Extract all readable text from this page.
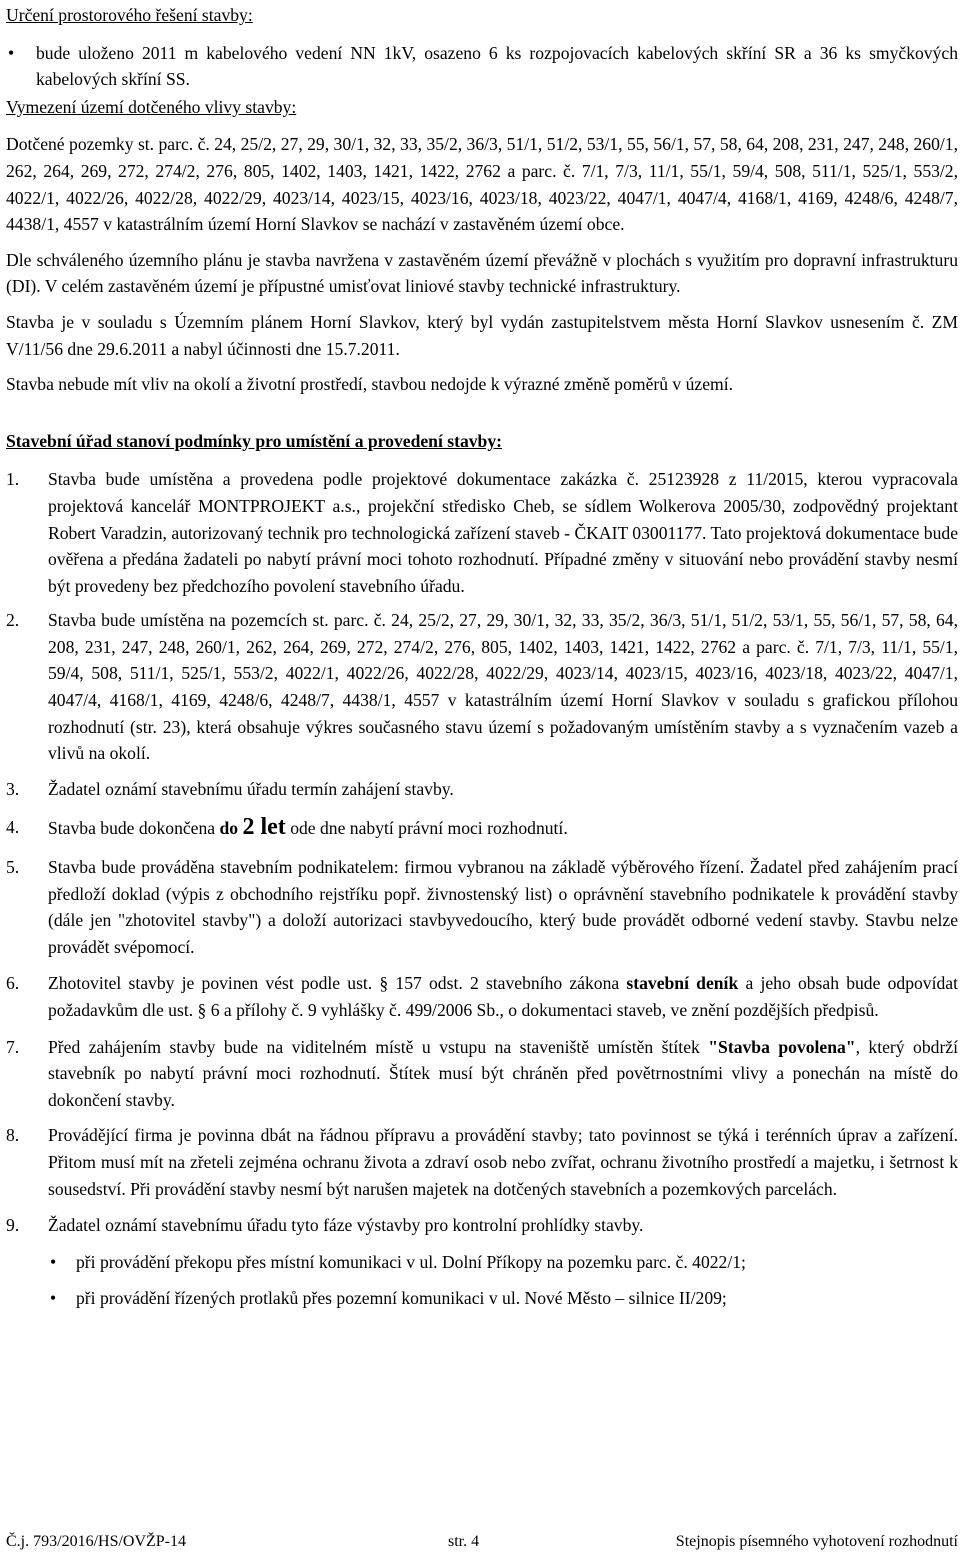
Určení prostorového řešení stavby:

• bude uloženo 2011 m kabelového vedení NN 1kV, osazeno 6 ks rozpojovacích kabelových skříní SR a 36 ks smyčkových kabelových skříní SS.

Vymezení území dotčeného vlivy stavby:

Dotčené pozemky st. parc. č. 24, 25/2, 27, 29, 30/1, 32, 33, 35/2, 36/3, 51/1, 51/2, 53/1, 55, 56/1, 57, 58, 64, 208, 231, 247, 248, 260/1, 262, 264, 269, 272, 274/2, 276, 805, 1402, 1403, 1421, 1422, 2762 a parc. č. 7/1, 7/3, 11/1, 55/1, 59/4, 508, 511/1, 525/1, 553/2, 4022/1, 4022/26, 4022/28, 4022/29, 4023/14, 4023/15, 4023/16, 4023/18, 4023/22, 4047/1, 4047/4, 4168/1, 4169, 4248/6, 4248/7, 4438/1, 4557 v katastrálním území Horní Slavkov se nachází v zastavěném území obce.

Dle schváleného územního plánu je stavba navržena v zastavěném území převážně v plochách s využitím pro dopravní infrastrukturu (DI). V celém zastavěném území je přípustné umisťovat liniové stavby technické infrastruktury.

Stavba je v souladu s Územním plánem Horní Slavkov, který byl vydán zastupitelstvem města Horní Slavkov usnesením č. ZM V/11/56 dne 29.6.2011 a nabyl účinnosti dne 15.7.2011.

Stavba nebude mít vliv na okolí a životní prostředí, stavbou nedojde k výrazné změně poměrů v území.

Stavební úřad stanoví podmínky pro umístění a provedení stavby:

1. Stavba bude umístěna a provedena podle projektové dokumentace zakázka č. 25123928 z 11/2015, kterou vypracovala projektová kancelář MONTPROJEKT a.s., projekční středisko Cheb, se sídlem Wolkerova 2005/30, zodpovědný projektant Robert Varadzin, autorizovaný technik pro technologická zařízení staveb - ČKAIT 03001177. Tato projektová dokumentace bude ověřena a předána žadateli po nabytí právní moci tohoto rozhodnutí. Případné změny v situování nebo provádění stavby nesmí být provedeny bez předchozího povolení stavebního úřadu.

2. Stavba bude umístěna na pozemcích st. parc. č. 24, 25/2, 27, 29, 30/1, 32, 33, 35/2, 36/3, 51/1, 51/2, 53/1, 55, 56/1, 57, 58, 64, 208, 231, 247, 248, 260/1, 262, 264, 269, 272, 274/2, 276, 805, 1402, 1403, 1421, 1422, 2762 a parc. č. 7/1, 7/3, 11/1, 55/1, 59/4, 508, 511/1, 525/1, 553/2, 4022/1, 4022/26, 4022/28, 4022/29, 4023/14, 4023/15, 4023/16, 4023/18, 4023/22, 4047/1, 4047/4, 4168/1, 4169, 4248/6, 4248/7, 4438/1, 4557 v katastrálním území Horní Slavkov v souladu s grafickou přílohou rozhodnutí (str. 23), která obsahuje výkres současného stavu území s požadovaným umístěním stavby a s vyznačením vazeb a vlivů na okolí.

3. Žadatel oznámí stavebnímu úřadu termín zahájení stavby.

4. Stavba bude dokončena do 2 let ode dne nabytí právní moci rozhodnutí.

5. Stavba bude prováděna stavebním podnikatelem: firmou vybranou na základě výběrového řízení. Žadatel před zahájením prací předloží doklad (výpis z obchodního rejstříku popř. živnostenský list) o oprávnění stavebního podnikatele k provádění stavby (dále jen "zhotovitel stavby") a doloží autorizaci stavbyvedoucího, který bude provádět odborné vedení stavby. Stavbu nelze provádět svépomocí.

6. Zhotovitel stavby je povinen vést podle ust. § 157 odst. 2 stavebního zákona stavební deník a jeho obsah bude odpovídat požadavkům dle ust. § 6 a přílohy č. 9 vyhlášky č. 499/2006 Sb., o dokumentaci staveb, ve znění pozdějších předpisů.

7. Před zahájením stavby bude na viditelném místě u vstupu na staveniště umístěn štítek "Stavba povolena", který obdrží stavebník po nabytí právní moci rozhodnutí. Štítek musí být chráněn před povětrnostními vlivy a ponechán na místě do dokončení stavby.

8. Provádějící firma je povinna dbát na řádnou přípravu a provádění stavby; tato povinnost se týká i terénních úprav a zařízení. Přitom musí mít na zřeteli zejména ochranu života a zdraví osob nebo zvířat, ochranu životního prostředí a majetku, i šetrnost k sousedství. Při provádění stavby nesmí být narušen majetek na dotčených stavebních a pozemkových parcelách.

9. Žadatel oznámí stavebnímu úřadu tyto fáze výstavby pro kontrolní prohlídky stavby.

• při provádění překopu přes místní komunikaci v ul. Dolní Příkopy na pozemku parc. č. 4022/1;

• při provádění řízených protlaků přes pozemní komunikaci v ul. Nové Město – silnice II/209;

Č.j. 793/2016/HS/OVŽP-14	str. 4	Stejnopis písemného vyhotovení rozhodnutí
